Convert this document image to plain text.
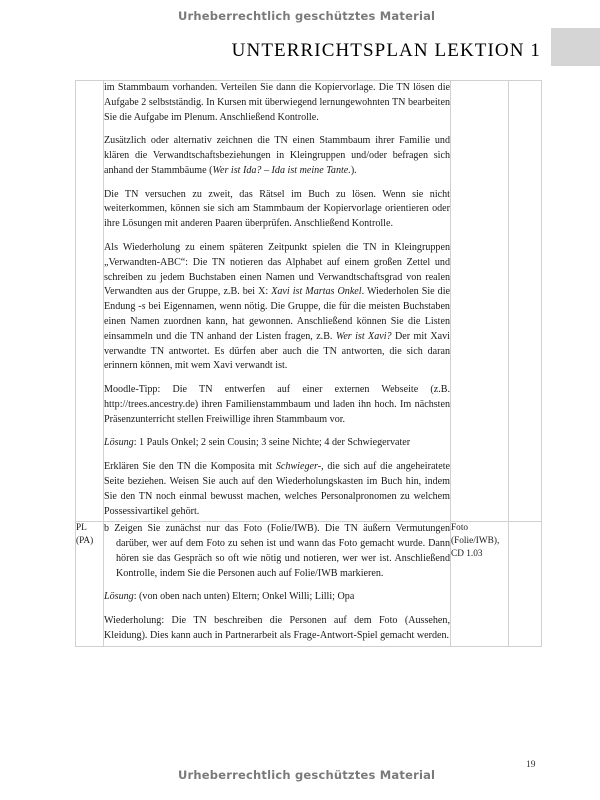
Urheberrechtlich geschütztes Material
UNTERRICHTSPLAN LEKTION 1

im Stammbaum vorhanden. Verteilen Sie dann die Kopiervorlage. Die TN lösen die Aufgabe 2 selbstständig. In Kursen mit überwiegend lernungewohnten TN bearbeiten Sie die Aufgabe im Plenum. Anschließend Kontrolle.
Zusätzlich oder alternativ zeichnen die TN einen Stammbaum ihrer Familie und klären die Verwandtschaftsbeziehungen in Kleingruppen und/oder befragen sich anhand der Stammbäume (Wer ist Ida? – Ida ist meine Tante.).
Die TN versuchen zu zweit, das Rätsel im Buch zu lösen. Wenn sie nicht weiterkommen, können sie sich am Stammbaum der Kopiervorlage orientieren oder ihre Lösungen mit anderen Paaren überprüfen. Anschließend Kontrolle.
Als Wiederholung zu einem späteren Zeitpunkt spielen die TN in Kleingruppen „Verwandten-ABC“: Die TN notieren das Alphabet auf einem großen Zettel und schreiben zu jedem Buchstaben einen Namen und Verwandtschaftsgrad von realen Verwandten aus der Gruppe, z.B. bei X: Xavi ist Martas Onkel. Wiederholen Sie die Endung -s bei Eigennamen, wenn nötig. Die Gruppe, die für die meisten Buchstaben einen Namen zuordnen kann, hat gewonnen. Anschließend können Sie die Listen einsammeln und die TN anhand der Listen fragen, z.B. Wer ist Xavi? Der mit Xavi verwandte TN antwortet. Es dürfen aber auch die TN antworten, die sich daran erinnern können, mit wem Xavi verwandt ist.
Moodle-Tipp: Die TN entwerfen auf einer externen Webseite (z.B. http://trees.ancestry.de) ihren Familienstammbaum und laden ihn hoch. Im nächsten Präsenzunterricht stellen Freiwillige ihren Stammbaum vor.
Lösung: 1 Pauls Onkel; 2 sein Cousin; 3 seine Nichte; 4 der Schwiegervater
Erklären Sie den TN die Komposita mit Schwieger-, die sich auf die angeheiratete Seite beziehen. Weisen Sie auch auf den Wiederholungskasten im Buch hin, indem Sie den TN noch einmal bewusst machen, welches Personalpronomen zu welchem Possessivartikel gehört.

PL (PA)	b Zeigen Sie zunächst nur das Foto (Folie/IWB). Die TN äußern Vermutungen darüber, wer auf dem Foto zu sehen ist und wann das Foto gemacht wurde. Dann hören sie das Gespräch so oft wie nötig und notieren, wer wer ist. Anschließend Kontrolle, indem Sie die Personen auch auf Folie/IWB markieren.
Lösung: (von oben nach unten) Eltern; Onkel Willi; Lilli; Opa
Wiederholung: Die TN beschreiben die Personen auf dem Foto (Aussehen, Kleidung). Dies kann auch in Partnerarbeit als Frage-Antwort-Spiel gemacht werden.	Foto (Folie/IWB), CD 1.03	

Urheberrechtlich geschütztes Material
19
